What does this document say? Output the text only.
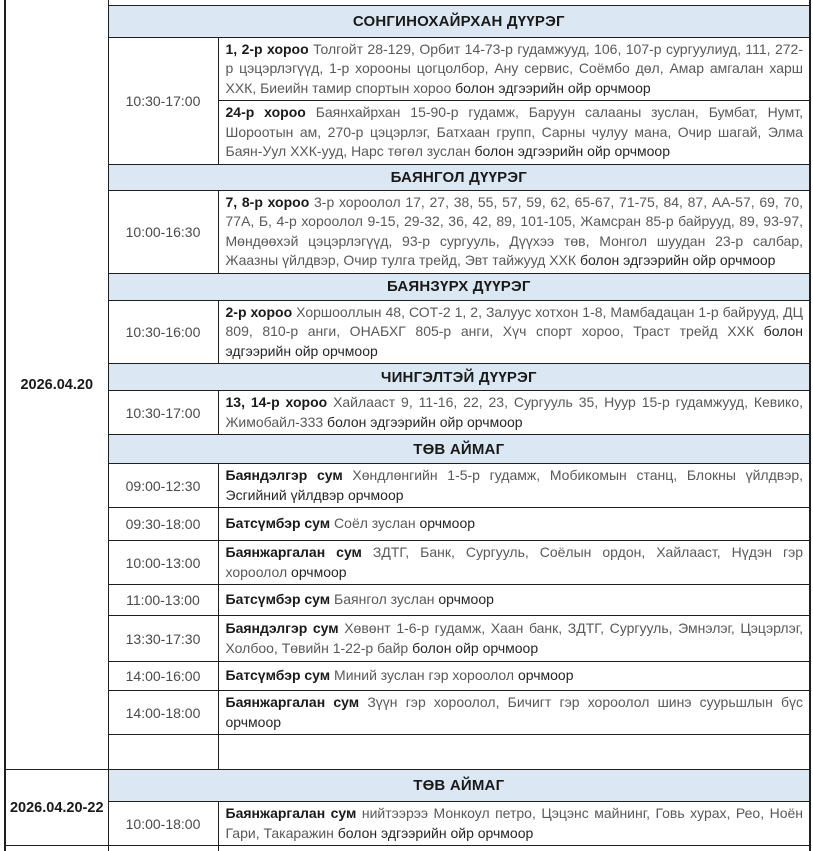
2026.04.20		
	СОНГИНОХАЙРХАН ДҮҮРЭГ	
	10:30-17:00	1, 2-р хороо Толгойт 28-129, Орбит 14-73-р гудамжууд, 106, 107-р сургуулиуд, 111, 272-р цэцэрлэгүүд, 1-р хорооны цогцолбор, Ану сервис, Соёмбо дөл, Амар амгалан харш ХХК, Биеийн тамир спортын хороо болон эдгээрийн ойр орчмоор
		24-р хороо Баянхайрхан 15-90-р гудамж, Баруун салааны зуслан, Бумбат, Нумт, Шороотын ам, 270-р цэцэрлэг, Батхаан групп, Сарны чулуу мана, Очир шагай, Элма Баян-Уул ХХК-ууд, Нарс төгөл зуслан болон эдгээрийн ойр орчмоор
	БАЯНГОЛ ДҮҮРЭГ	
	10:00-16:30	7, 8-р хороо 3-р хороолол 17, 27, 38, 55, 57, 59, 62, 65-67, 71-75, 84, 87, АА-57, 69, 70, 77А, Б, 4-р хороолол 9-15, 29-32, 36, 42, 89, 101-105, Жамсран 85-р байрууд, 89, 93-97, Мөндөөхэй цэцэрлэгүүд, 93-р сургууль, Дүүхээ төв, Монгол шуудан 23-р салбар, Жаазны үйлдвэр, Очир тулга трейд, Эвт тайжууд ХХК болон эдгээрийн ойр орчмоор
	БАЯНЗҮРХ ДҮҮРЭГ	
	10:30-16:00	2-р хороо Хоршооллын 48, СОТ-2 1, 2, Залуус хотхон 1-8, Мамбадацан 1-р байрууд, ДЦ 809, 810-р анги, ОНАБХГ 805-р анги, Хүч спорт хороо, Траст трейд ХХК болон эдгээрийн ойр орчмоор
	ЧИНГЭЛТЭЙ ДҮҮРЭГ	
	10:30-17:00	13, 14-р хороо Хайлааст 9, 11-16, 22, 23, Сургууль 35, Нуур 15-р гудамжууд, Кевико, Жимобайл-333 болон эдгээрийн ойр орчмоор
	ТӨВ АЙМАГ	
	09:00-12:30	Баяндэлгэр сум Хөндлөнгийн 1-5-р гудамж, Мобикомын станц, Блокны үйлдвэр, Эсгийний үйлдвэр орчмоор
	09:30-18:00	Батсүмбэр сум Соёл зуслан орчмоор
	10:00-13:00	Баянжаргалан сум ЗДТГ, Банк, Сургууль, Соёлын ордон, Хайлааст, Нүдэн гэр хороолол орчмоор
	11:00-13:00	Батсүмбэр сум Баянгол зуслан орчмоор
	13:30-17:30	Баяндэлгэр сум Хөвөнт 1-6-р гудамж, Хаан банк, ЗДТГ, Сургууль, Эмнэлэг, Цэцэрлэг, Холбоо, Төвийн 1-22-р байр болон ойр орчмоор
	14:00-16:00	Батсүмбэр сум Миний зуслан гэр хороолол орчмоор
	14:00-18:00	Баянжаргалан сум Зүүн гэр хороолол, Бичигт гэр хороолол шинэ суурьшлын бүс орчмоор

2026.04.20-22	ТӨВ АЙМАГ	
	10:00-18:00	Баянжаргалан сум нийтээрээ Монкоул петро, Цэцэнс майнинг, Говь хурах, Рео, Ноён Гари, Такаражин болон эдгээрийн ойр орчмоор
